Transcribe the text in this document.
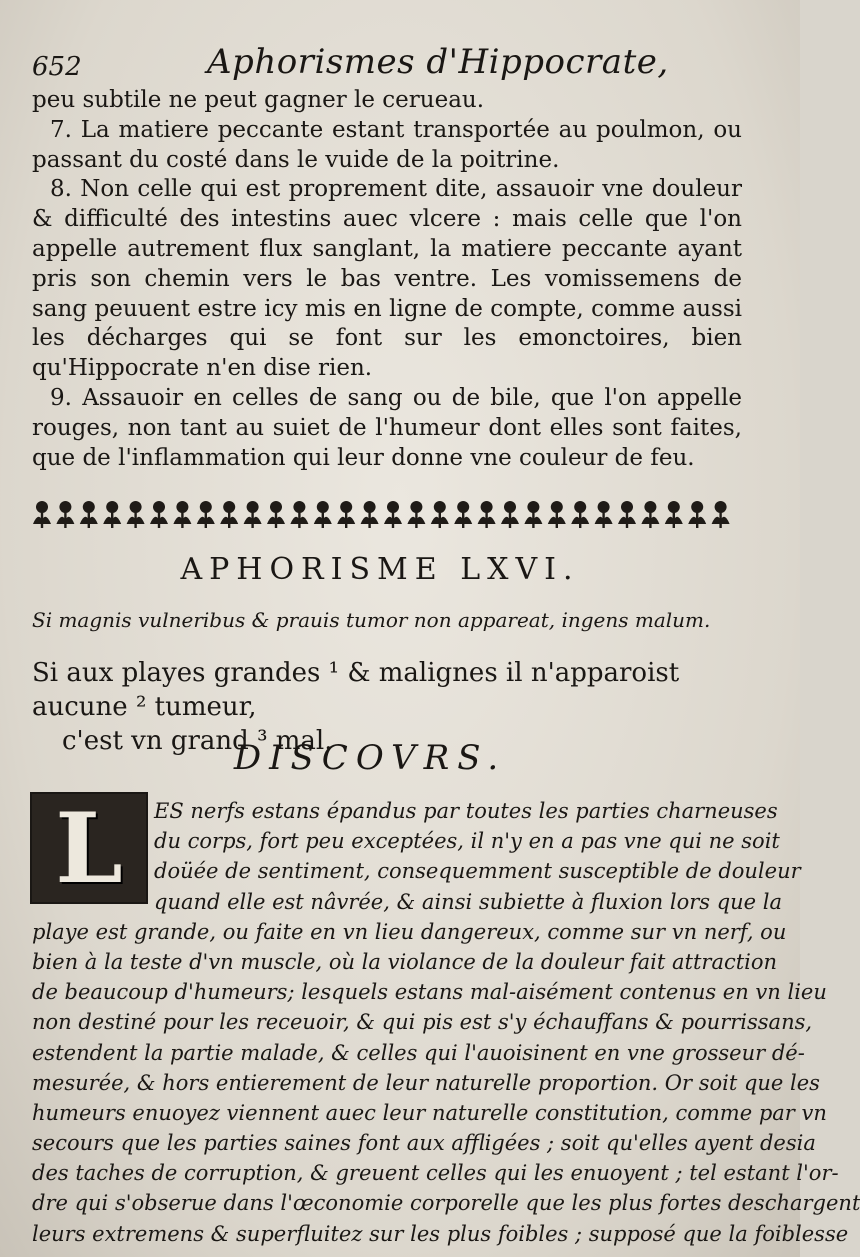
652	Aphorismes d'Hippocrate,

peu subtile ne peut gagner le cerueau.

7. La matiere peccante estant transportée au poulmon, ou passant du costé dans le vuide de la poitrine.

8. Non celle qui est proprement dite, assauoir vne douleur & difficulté des intestins auec vlcere : mais celle que l'on appelle autrement flux sanglant, la matiere peccante ayant pris son chemin vers le bas ventre. Les vomissemens de sang peuuent estre icy mis en ligne de compte, comme aussi les décharges qui se font sur les emonctoires, bien qu'Hippocrate n'en dise rien.

9. Assauoir en celles de sang ou de bile, que l'on appelle rouges, non tant au suiet de l'humeur dont elles sont faites, que de l'inflammation qui leur donne vne couleur de feu.

APHORISME LXVI.
Si magnis vulneribus & prauis tumor non appareat, ingens malum.
Si aux playes grandes ¹ & malignes il n'apparoist aucune ² tumeur,
c'est vn grand ³ mal.
DISCOVRS.
L	ES nerfs estans épandus par toutes les parties charneuses
du corps, fort peu exceptées, il n'y en a pas vne qui ne soit
doüée de sentiment, consequemment susceptible de douleur
quand elle est nâvrée, & ainsi subiette à fluxion lors que la
playe est grande, ou faite en vn lieu dangereux, comme sur vn nerf, ou
bien à la teste d'vn muscle, où la violance de la douleur fait attraction
de beaucoup d'humeurs; lesquels estans mal-aisément contenus en vn lieu
non destiné pour les receuoir, & qui pis est s'y échauffans & pourrissans,
estendent la partie malade, & celles qui l'auoisinent en vne grosseur dé-
mesurée, & hors entierement de leur naturelle proportion. Or soit que les
humeurs enuoyez viennent auec leur naturelle constitution, comme par vn
secours que les parties saines font aux affligées ; soit qu'elles ayent desia
des taches de corruption, & greuent celles qui les enuoyent ; tel estant l'or-
dre qui s'obserue dans l'œconomie corporelle que les plus fortes deschargent
leurs extremens & superfluitez sur les plus foibles ; supposé que la foiblesse
